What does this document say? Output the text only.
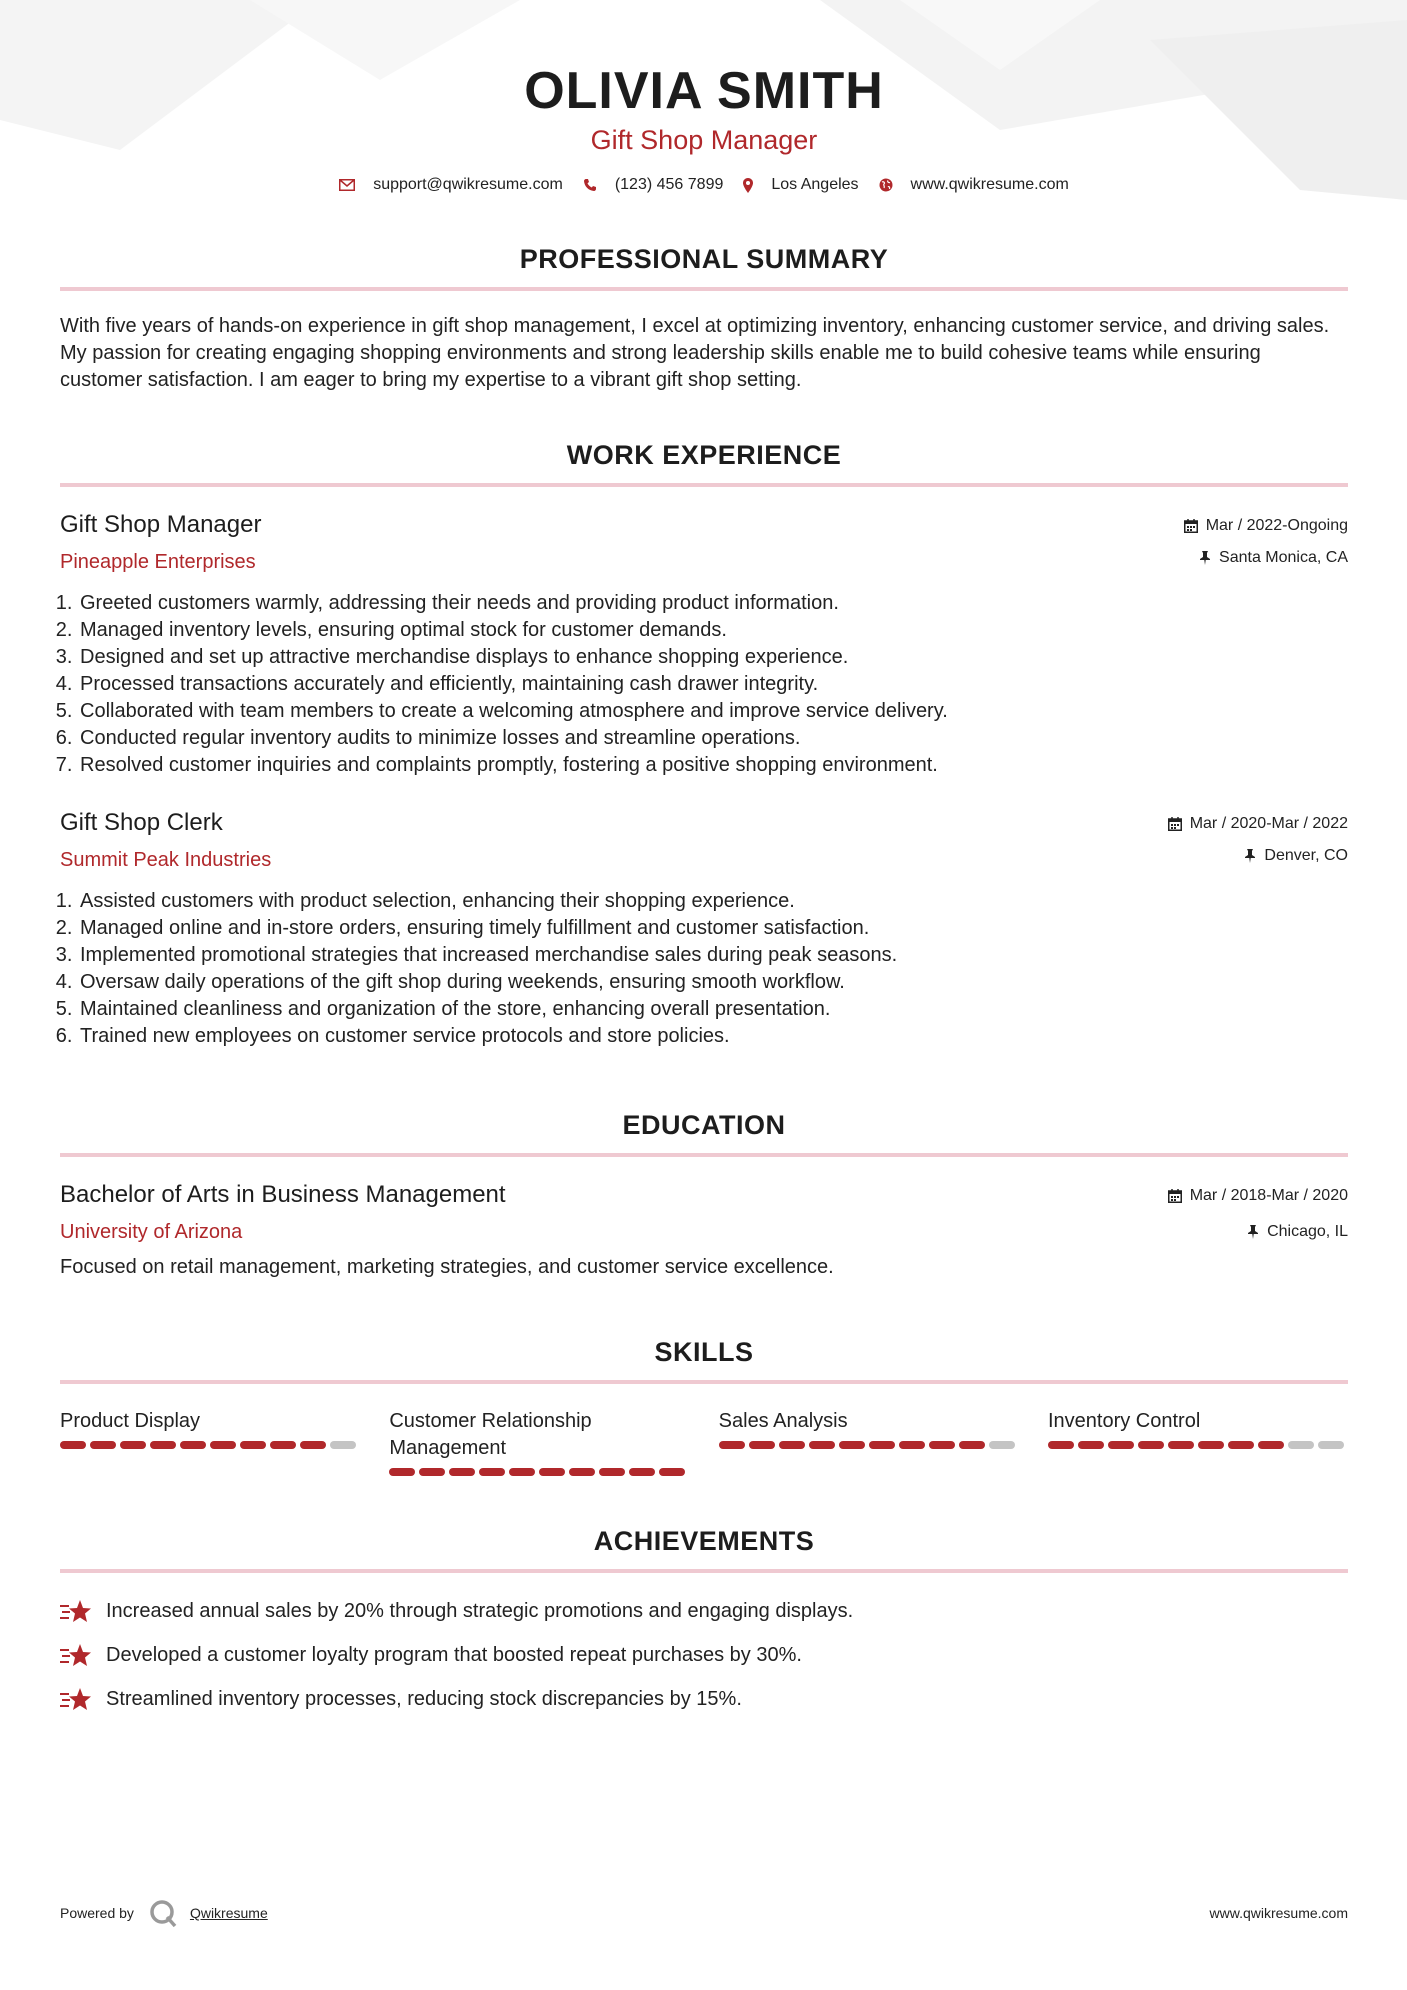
OLIVIA SMITH
Gift Shop Manager
support@qwikresume.com	(123) 456 7899	Los Angeles	www.qwikresume.com
PROFESSIONAL SUMMARY
With five years of hands-on experience in gift shop management, I excel at optimizing inventory, enhancing customer service, and driving sales. My passion for creating engaging shopping environments and strong leadership skills enable me to build cohesive teams while ensuring customer satisfaction. I am eager to bring my expertise to a vibrant gift shop setting.
WORK EXPERIENCE
Gift Shop Manager
Pineapple Enterprises
Mar / 2022-Ongoing
Santa Monica, CA
1. Greeted customers warmly, addressing their needs and providing product information.
2. Managed inventory levels, ensuring optimal stock for customer demands.
3. Designed and set up attractive merchandise displays to enhance shopping experience.
4. Processed transactions accurately and efficiently, maintaining cash drawer integrity.
5. Collaborated with team members to create a welcoming atmosphere and improve service delivery.
6. Conducted regular inventory audits to minimize losses and streamline operations.
7. Resolved customer inquiries and complaints promptly, fostering a positive shopping environment.
Gift Shop Clerk
Summit Peak Industries
Mar / 2020-Mar / 2022
Denver, CO
1. Assisted customers with product selection, enhancing their shopping experience.
2. Managed online and in-store orders, ensuring timely fulfillment and customer satisfaction.
3. Implemented promotional strategies that increased merchandise sales during peak seasons.
4. Oversaw daily operations of the gift shop during weekends, ensuring smooth workflow.
5. Maintained cleanliness and organization of the store, enhancing overall presentation.
6. Trained new employees on customer service protocols and store policies.
EDUCATION
Bachelor of Arts in Business Management
University of Arizona
Mar / 2018-Mar / 2020
Chicago, IL
Focused on retail management, marketing strategies, and customer service excellence.
SKILLS
Product Display	Customer Relationship Management
Sales Analysis	Inventory Control
ACHIEVEMENTS
Increased annual sales by 20% through strategic promotions and engaging displays.
Developed a customer loyalty program that boosted repeat purchases by 30%.
Streamlined inventory processes, reducing stock discrepancies by 15%.
Powered by	Qwikresume	www.qwikresume.com
